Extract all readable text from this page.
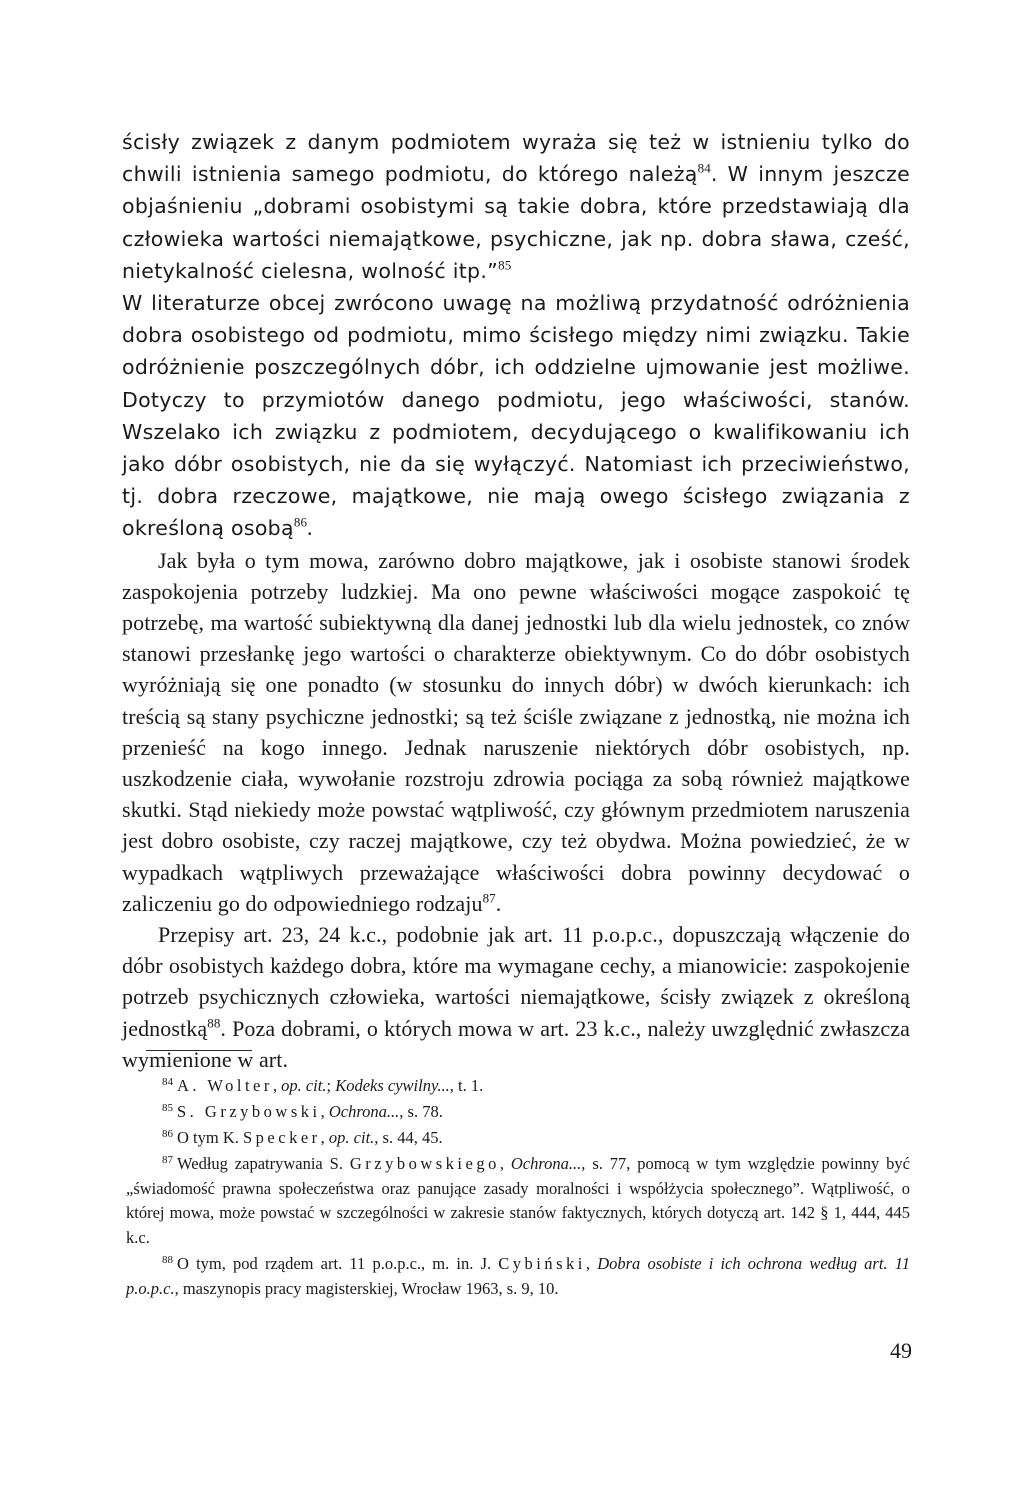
ścisły związek z danym podmiotem wyraża się też w istnieniu tylko do chwili istnienia samego podmiotu, do którego należą$^{84}$. W innym jeszcze objaśnieniu „dobrami osobistymi są takie dobra, które przedstawiają dla człowieka wartości niemajątkowe, psychiczne, jak np. dobra sława, cześć, nietykalność cielesna, wolność itp.”$^{85}$

W literaturze obcej zwrócono uwagę na możliwą przydatność odróżnienia dobra osobistego od podmiotu, mimo ścisłego między nimi związku. Takie odróżnienie poszczególnych dóbr, ich oddzielne ujmowanie jest możliwe. Dotyczy to przymiotów danego podmiotu, jego właściwości, stanów. Wszelako ich związku z podmiotem, decydującego o kwalifikowaniu ich jako dóbr osobistych, nie da się wyłączyć. Natomiast ich przeciwieństwo, tj. dobra rzeczowe, majątkowe, nie mają owego ścisłego związania z określoną osobą$^{86}$.

Jak była o tym mowa, zarówno dobro majątkowe, jak i osobiste stanowi środek zaspokojenia potrzeby ludzkiej. Ma ono pewne właściwości mogące zaspokoić tę potrzebę, ma wartość subiektywną dla danej jednostki lub dla wielu jednostek, co znów stanowi przesłankę jego wartości o charakterze obiektywnym. Co do dóbr osobistych wyróżniają się one ponadto (w stosunku do innych dóbr) w dwóch kierunkach: ich treścią są stany psychiczne jednostki; są też ściśle związane z jednostką, nie można ich przenieść na kogo innego. Jednak naruszenie niektórych dóbr osobistych, np. uszkodzenie ciała, wywołanie rozstroju zdrowia pociąga za sobą również majątkowe skutki. Stąd niekiedy może powstać wątpliwość, czy głównym przedmiotem naruszenia jest dobro osobiste, czy raczej majątkowe, czy też obydwa. Można powiedzieć, że w wypadkach wątpliwych przeważające właściwości dobra powinny decydować o zaliczeniu go do odpowiedniego rodzaju$^{87}$.

Przepisy art. 23, 24 k.c., podobnie jak art. 11 p.o.p.c., dopuszczają włączenie do dóbr osobistych każdego dobra, które ma wymagane cechy, a mianowicie: zaspokojenie potrzeb psychicznych człowieka, wartości niemajątkowe, ścisły związek z określoną jednostką$^{88}$. Poza dobrami, o których mowa w art. 23 k.c., należy uwzględnić zwłaszcza wymienione w art.

$^{84}$ A. Wolter, op. cit.; Kodeks cywilny..., t. 1.

$^{85}$ S. Grzybowski, Ochrona..., s. 78.

$^{86}$ O tym K. Specker, op. cit., s. 44, 45.

$^{87}$ Według zapatrywania S. Grzybowskiego, Ochrona..., s. 77, pomocą w tym względzie powinny być „świadomość prawna społeczeństwa oraz panujące zasady moralności i współżycia społecznego”. Wątpliwość, o której mowa, może powstać w szczególności w zakresie stanów faktycznych, których dotyczą art. 142 § 1, 444, 445 k.c.

$^{88}$ O tym, pod rządem art. 11 p.o.p.c., m. in. J. Cybiński, Dobra osobiste i ich ochrona według art. 11 p.o.p.c., maszynopis pracy magisterskiej, Wrocław 1963, s. 9, 10.

49
